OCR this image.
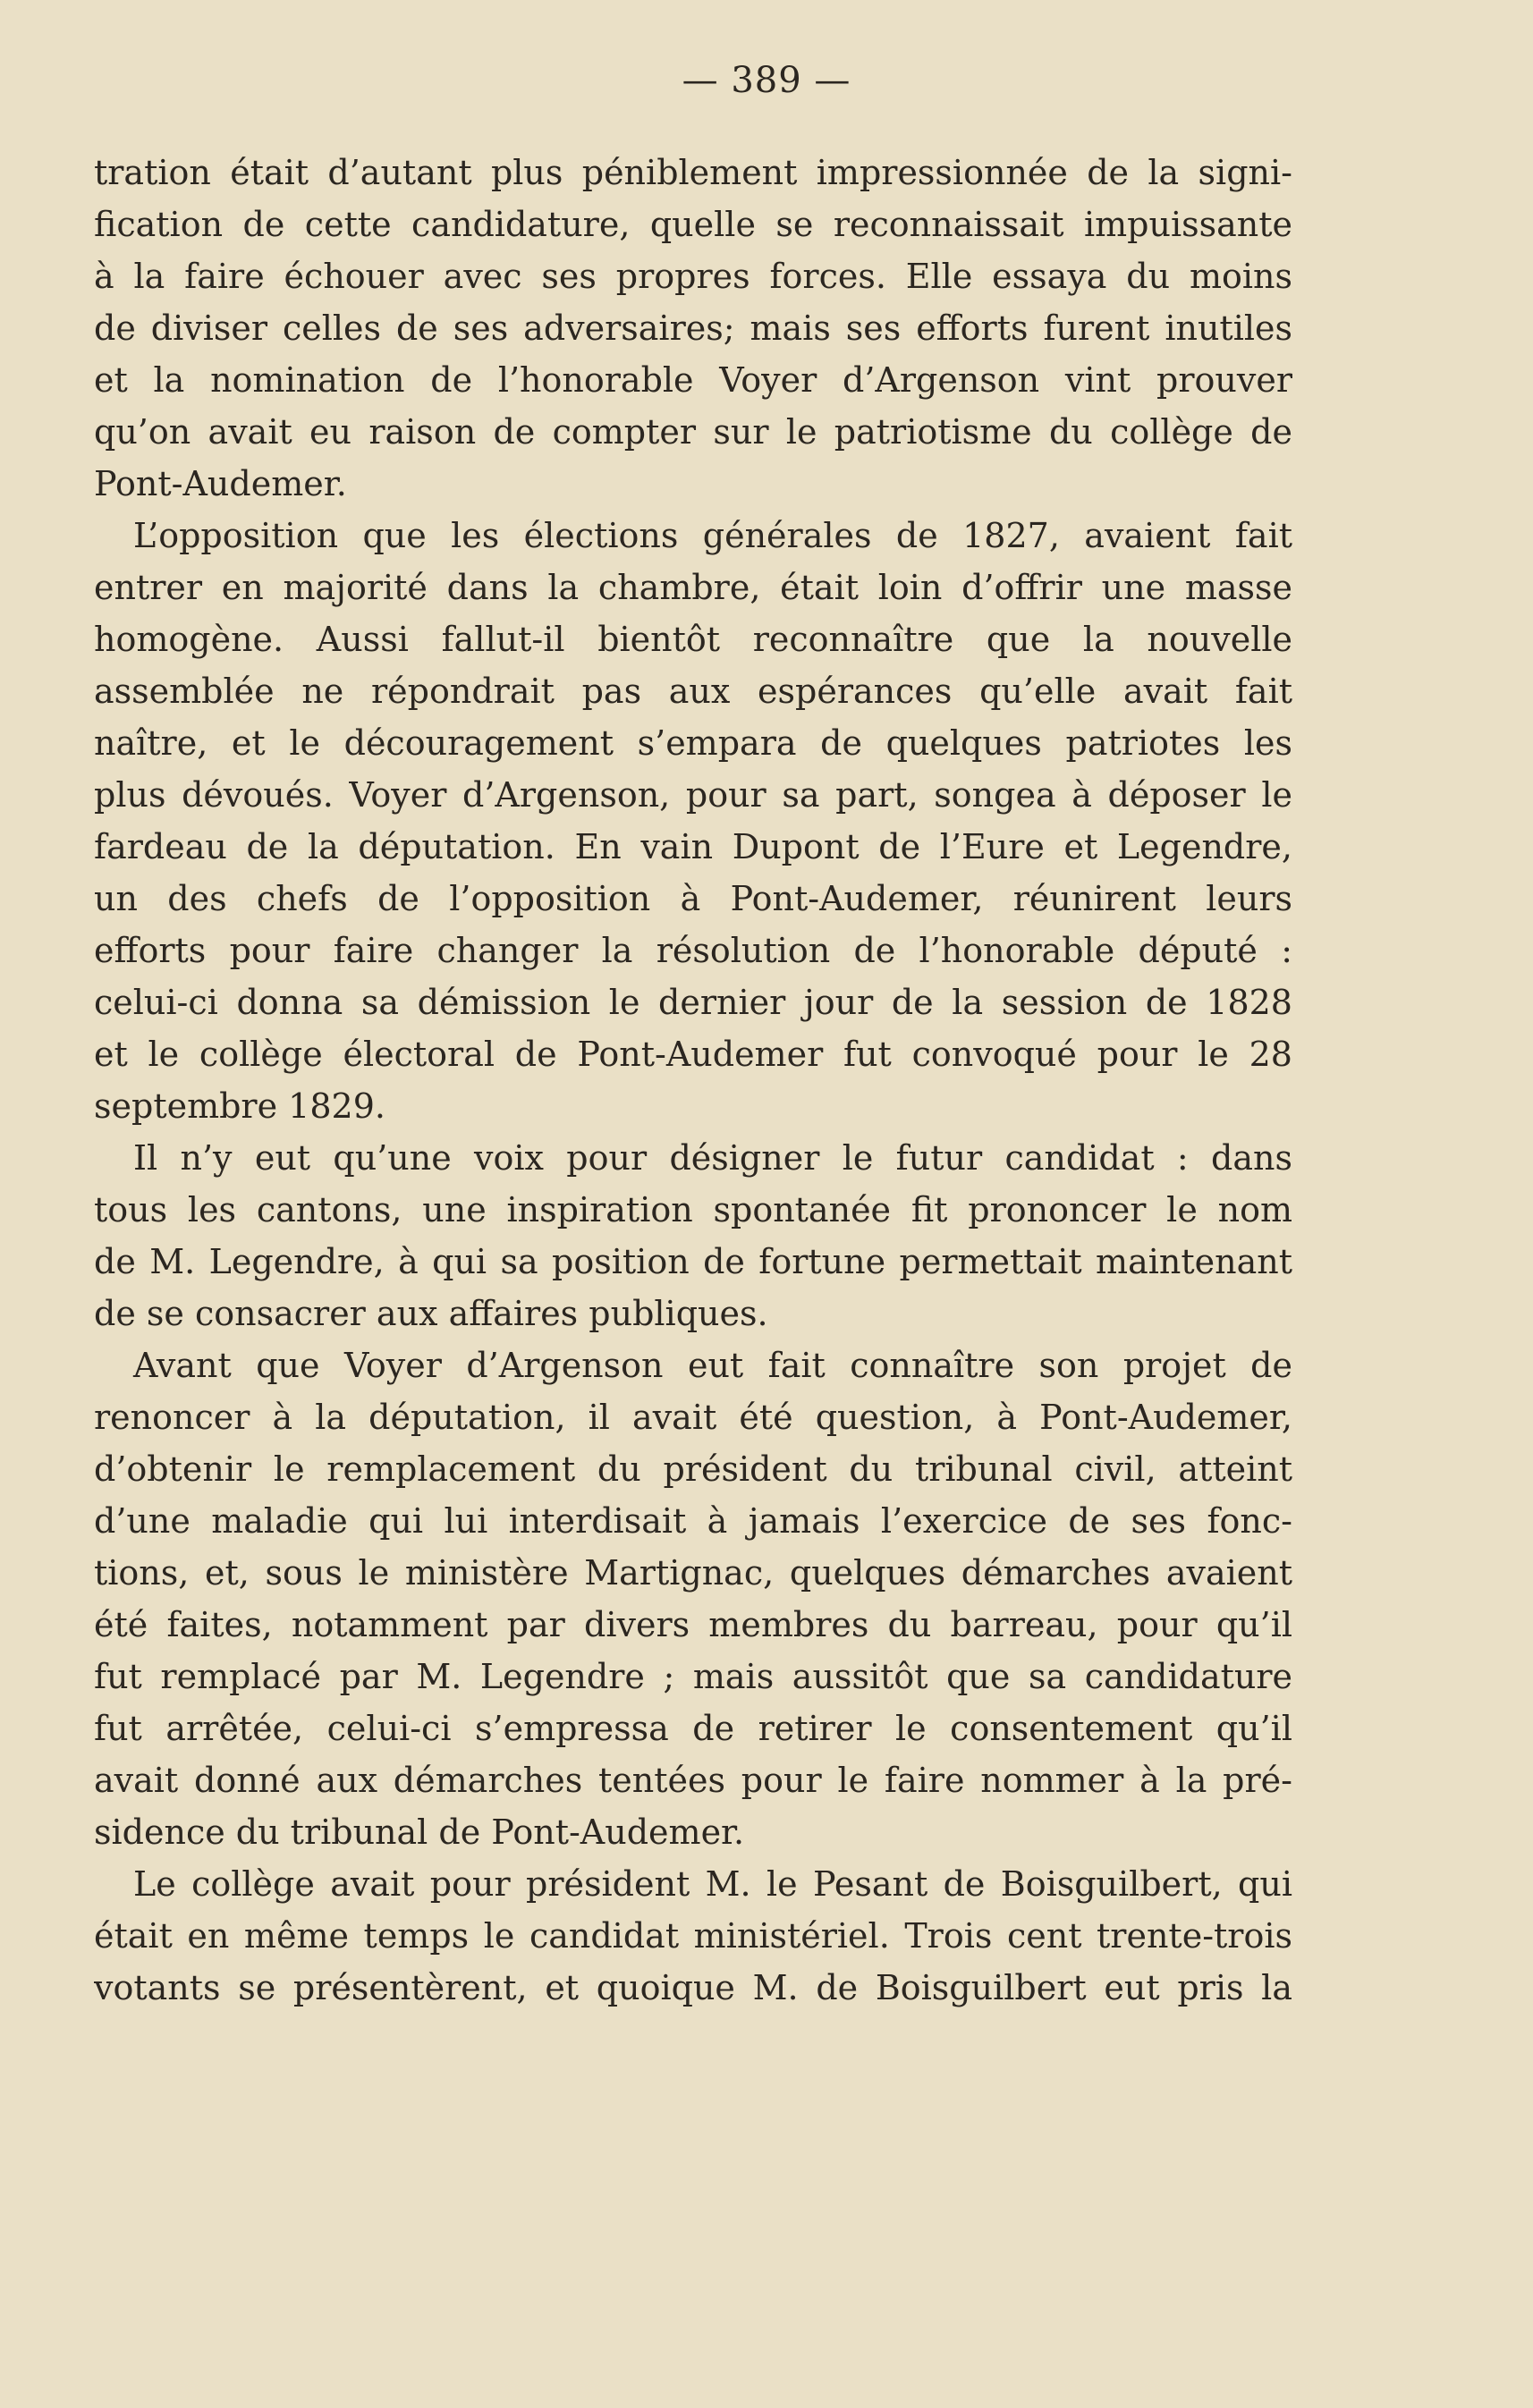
— 389 —
tration était d’autant plus péniblement impressionnée de la signi-
fication de cette candidature, quelle se reconnaissait impuissante
à la faire échouer avec ses propres forces. Elle essaya du moins
de diviser celles de ses adversaires; mais ses efforts furent inutiles
et la nomination de l’honorable Voyer d’Argenson vint prouver
qu’on avait eu raison de compter sur le patriotisme du collège de
Pont-Audemer.
L’opposition que les élections générales de 1827, avaient fait
entrer en majorité dans la chambre, était loin d’offrir une masse
homogène. Aussi fallut-il bientôt reconnaître que la nouvelle
assemblée ne répondrait pas aux espérances qu’elle avait fait
naître, et le découragement s’empara de quelques patriotes les
plus dévoués. Voyer d’Argenson, pour sa part, songea à déposer le
fardeau de la députation. En vain Dupont de l’Eure et Legendre,
un des chefs de l’opposition à Pont-Audemer, réunirent leurs
efforts pour faire changer la résolution de l’honorable député :
celui-ci donna sa démission le dernier jour de la session de 1828
et le collège électoral de Pont-Audemer fut convoqué pour le 28
septembre 1829.
Il n’y eut qu’une voix pour désigner le futur candidat : dans
tous les cantons, une inspiration spontanée fit prononcer le nom
de M. Legendre, à qui sa position de fortune permettait maintenant
de se consacrer aux affaires publiques.
Avant que Voyer d’Argenson eut fait connaître son projet de
renoncer à la députation, il avait été question, à Pont-Audemer,
d’obtenir le remplacement du président du tribunal civil, atteint
d’une maladie qui lui interdisait à jamais l’exercice de ses fonc-
tions, et, sous le ministère Martignac, quelques démarches avaient
été faites, notamment par divers membres du barreau, pour qu’il
fut remplacé par M. Legendre ; mais aussitôt que sa candidature
fut arrêtée, celui-ci s’empressa de retirer le consentement qu’il
avait donné aux démarches tentées pour le faire nommer à la pré-
sidence du tribunal de Pont-Audemer.
Le collège avait pour président M. le Pesant de Boisguilbert, qui
était en même temps le candidat ministériel. Trois cent trente-trois
votants se présentèrent, et quoique M. de Boisguilbert eut pris la
